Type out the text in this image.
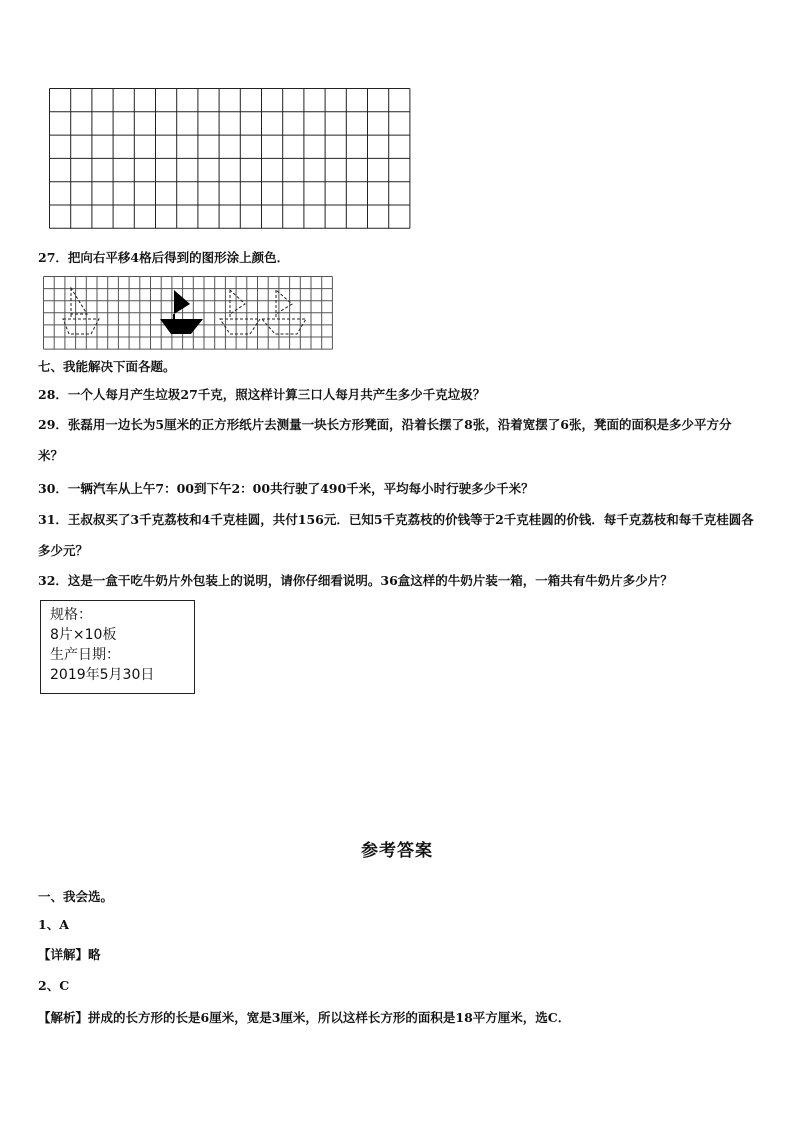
27．把向右平移4格后得到的图形涂上颜色．
七、我能解决下面各题。
28．一个人每月产生垃圾27千克，照这样计算三口人每月共产生多少千克垃圾？
29．张磊用一边长为5厘米的正方形纸片去测量一块长方形凳面，沿着长摆了8张，沿着宽摆了6张，凳面的面积是多少平方分米？
30．一辆汽车从上午7：00到下午2：00共行驶了490千米，平均每小时行驶多少千米？
31．王叔叔买了3千克荔枝和4千克桂圆，共付156元．已知5千克荔枝的价钱等于2千克桂圆的价钱．每千克荔枝和每千克桂圆各多少元？
32．这是一盒干吃牛奶片外包装上的说明，请你仔细看说明。36盒这样的牛奶片装一箱，一箱共有牛奶片多少片？
规格：
8片×10板
生产日期：
2019年5月30日
参考答案
一、我会选。
1、A
【详解】略
2、C
【解析】拼成的长方形的长是6厘米，宽是3厘米，所以这样长方形的面积是18平方厘米，选C．
